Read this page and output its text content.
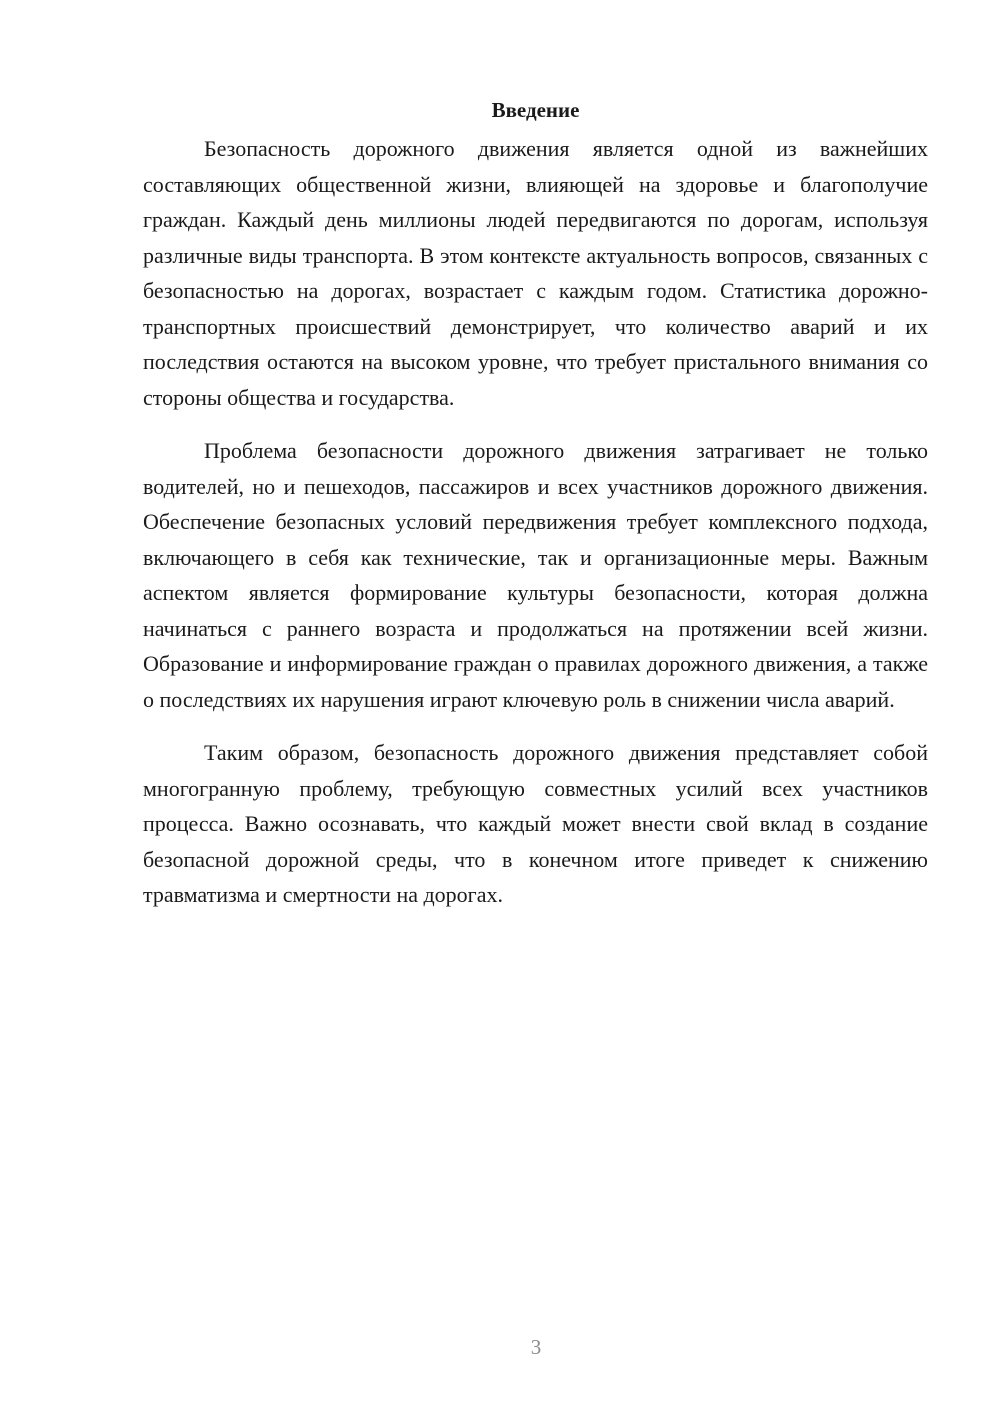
Введение

Безопасность дорожного движения является одной из важнейших составляющих общественной жизни, влияющей на здоровье и благополучие граждан. Каждый день миллионы людей передвигаются по дорогам, используя различные виды транспорта. В этом контексте актуальность вопросов, связанных с безопасностью на дорогах, возрастает с каждым годом. Статистика дорожно-транспортных происшествий демонстрирует, что количество аварий и их последствия остаются на высоком уровне, что требует пристального внимания со стороны общества и государства.

Проблема безопасности дорожного движения затрагивает не только водителей, но и пешеходов, пассажиров и всех участников дорожного движения. Обеспечение безопасных условий передвижения требует комплексного подхода, включающего в себя как технические, так и организационные меры. Важным аспектом является формирование культуры безопасности, которая должна начинаться с раннего возраста и продолжаться на протяжении всей жизни. Образование и информирование граждан о правилах дорожного движения, а также о последствиях их нарушения играют ключевую роль в снижении числа аварий.

Таким образом, безопасность дорожного движения представляет собой многогранную проблему, требующую совместных усилий всех участников процесса. Важно осознавать, что каждый может внести свой вклад в создание безопасной дорожной среды, что в конечном итоге приведет к снижению травматизма и смертности на дорогах.

3
